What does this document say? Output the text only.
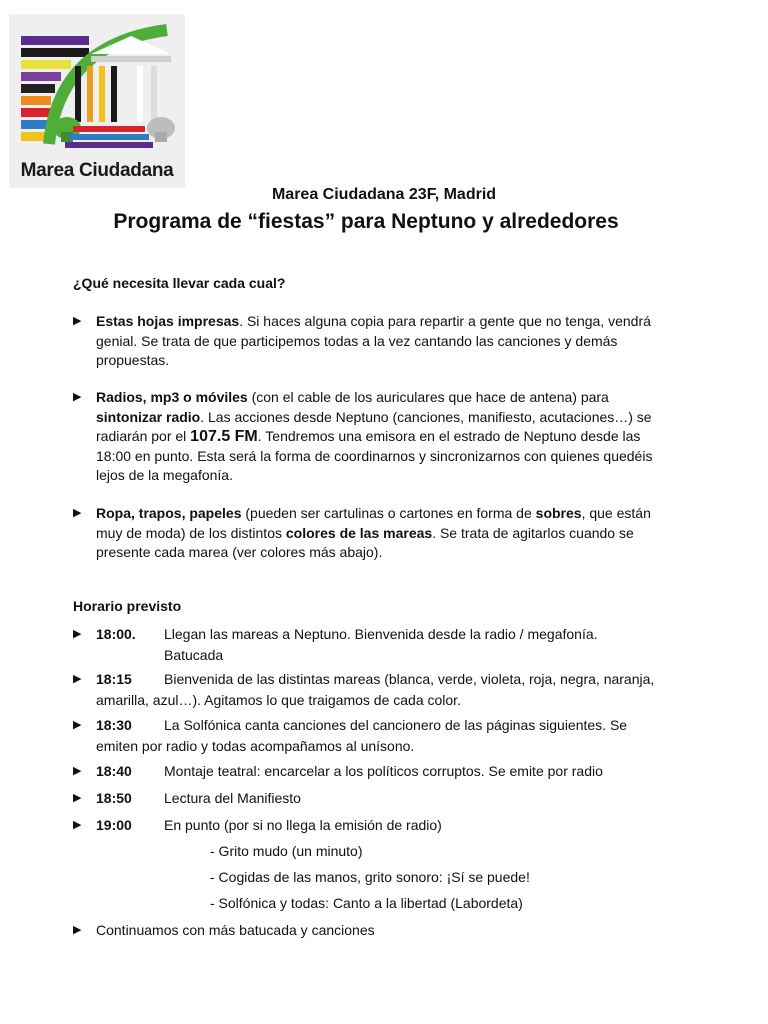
Marea Ciudadana
Marea Ciudadana 23F, Madrid
Programa de “fiestas” para Neptuno y alrededores
¿Qué necesita llevar cada cual?
▶ Estas hojas impresas. Si haces alguna copia para repartir a gente que no tenga, vendrá genial. Se trata de que participemos todas a la vez cantando las canciones y demás propuestas.
▶ Radios, mp3 o móviles (con el cable de los auriculares que hace de antena) para sintonizar radio. Las acciones desde Neptuno (canciones, manifiesto, acutaciones…) se radiarán por el 107.5 FM. Tendremos una emisora en el estrado de Neptuno desde las 18:00 en punto. Esta será la forma de coordinarnos y sincronizarnos con quienes quedéis lejos de la megafonía.
▶ Ropa, trapos, papeles (pueden ser cartulinas o cartones en forma de sobres, que están muy de moda) de los distintos colores de las mareas. Se trata de agitarlos cuando se presente cada marea (ver colores más abajo).
Horario previsto
▶ 18:00. Llegan las mareas a Neptuno. Bienvenida desde la radio / megafonía.
Batucada
▶ 18:15	Bienvenida de las distintas mareas (blanca, verde, violeta, roja, negra, naranja, amarilla, azul…). Agitamos lo que traigamos de cada color.
▶ 18:30	La Solfónica canta canciones del cancionero de las páginas siguientes. Se emiten por radio y todas acompañamos al unísono.
▶ 18:40 Montaje teatral: encarcelar a los políticos corruptos. Se emite por radio
▶ 18:50 Lectura del Manifiesto
▶ 19:00 En punto (por si no llega la emisión de radio)
- Grito mudo (un minuto)
- Cogidas de las manos, grito sonoro: ¡Sí se puede!
- Solfónica y todas: Canto a la libertad (Labordeta)
▶ Continuamos con más batucada y canciones
